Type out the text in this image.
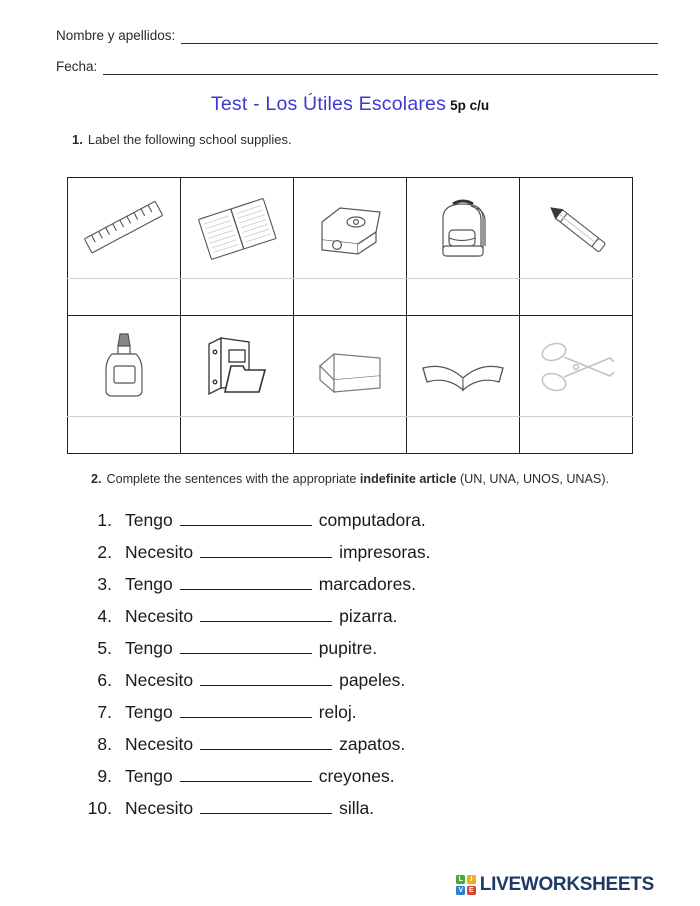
Nombre y apellidos:
Fecha:
Test - Los Útiles Escolares 5p c/u
1. Label the following school supplies.

2. Complete the sentences with the appropriate indefinite article (UN, UNA, UNOS, UNAS).
1. Tengo	computadora.
2. Necesito	impresoras.
3. Tengo	marcadores.
4. Necesito	pizarra.
5. Tengo	pupitre.
6. Necesito	papeles.
7. Tengo	reloj.
8. Necesito	zapatos.
9. Tengo	creyones.
10. Necesito	silla.
L	I
V E LIVEWORKSHEETS
